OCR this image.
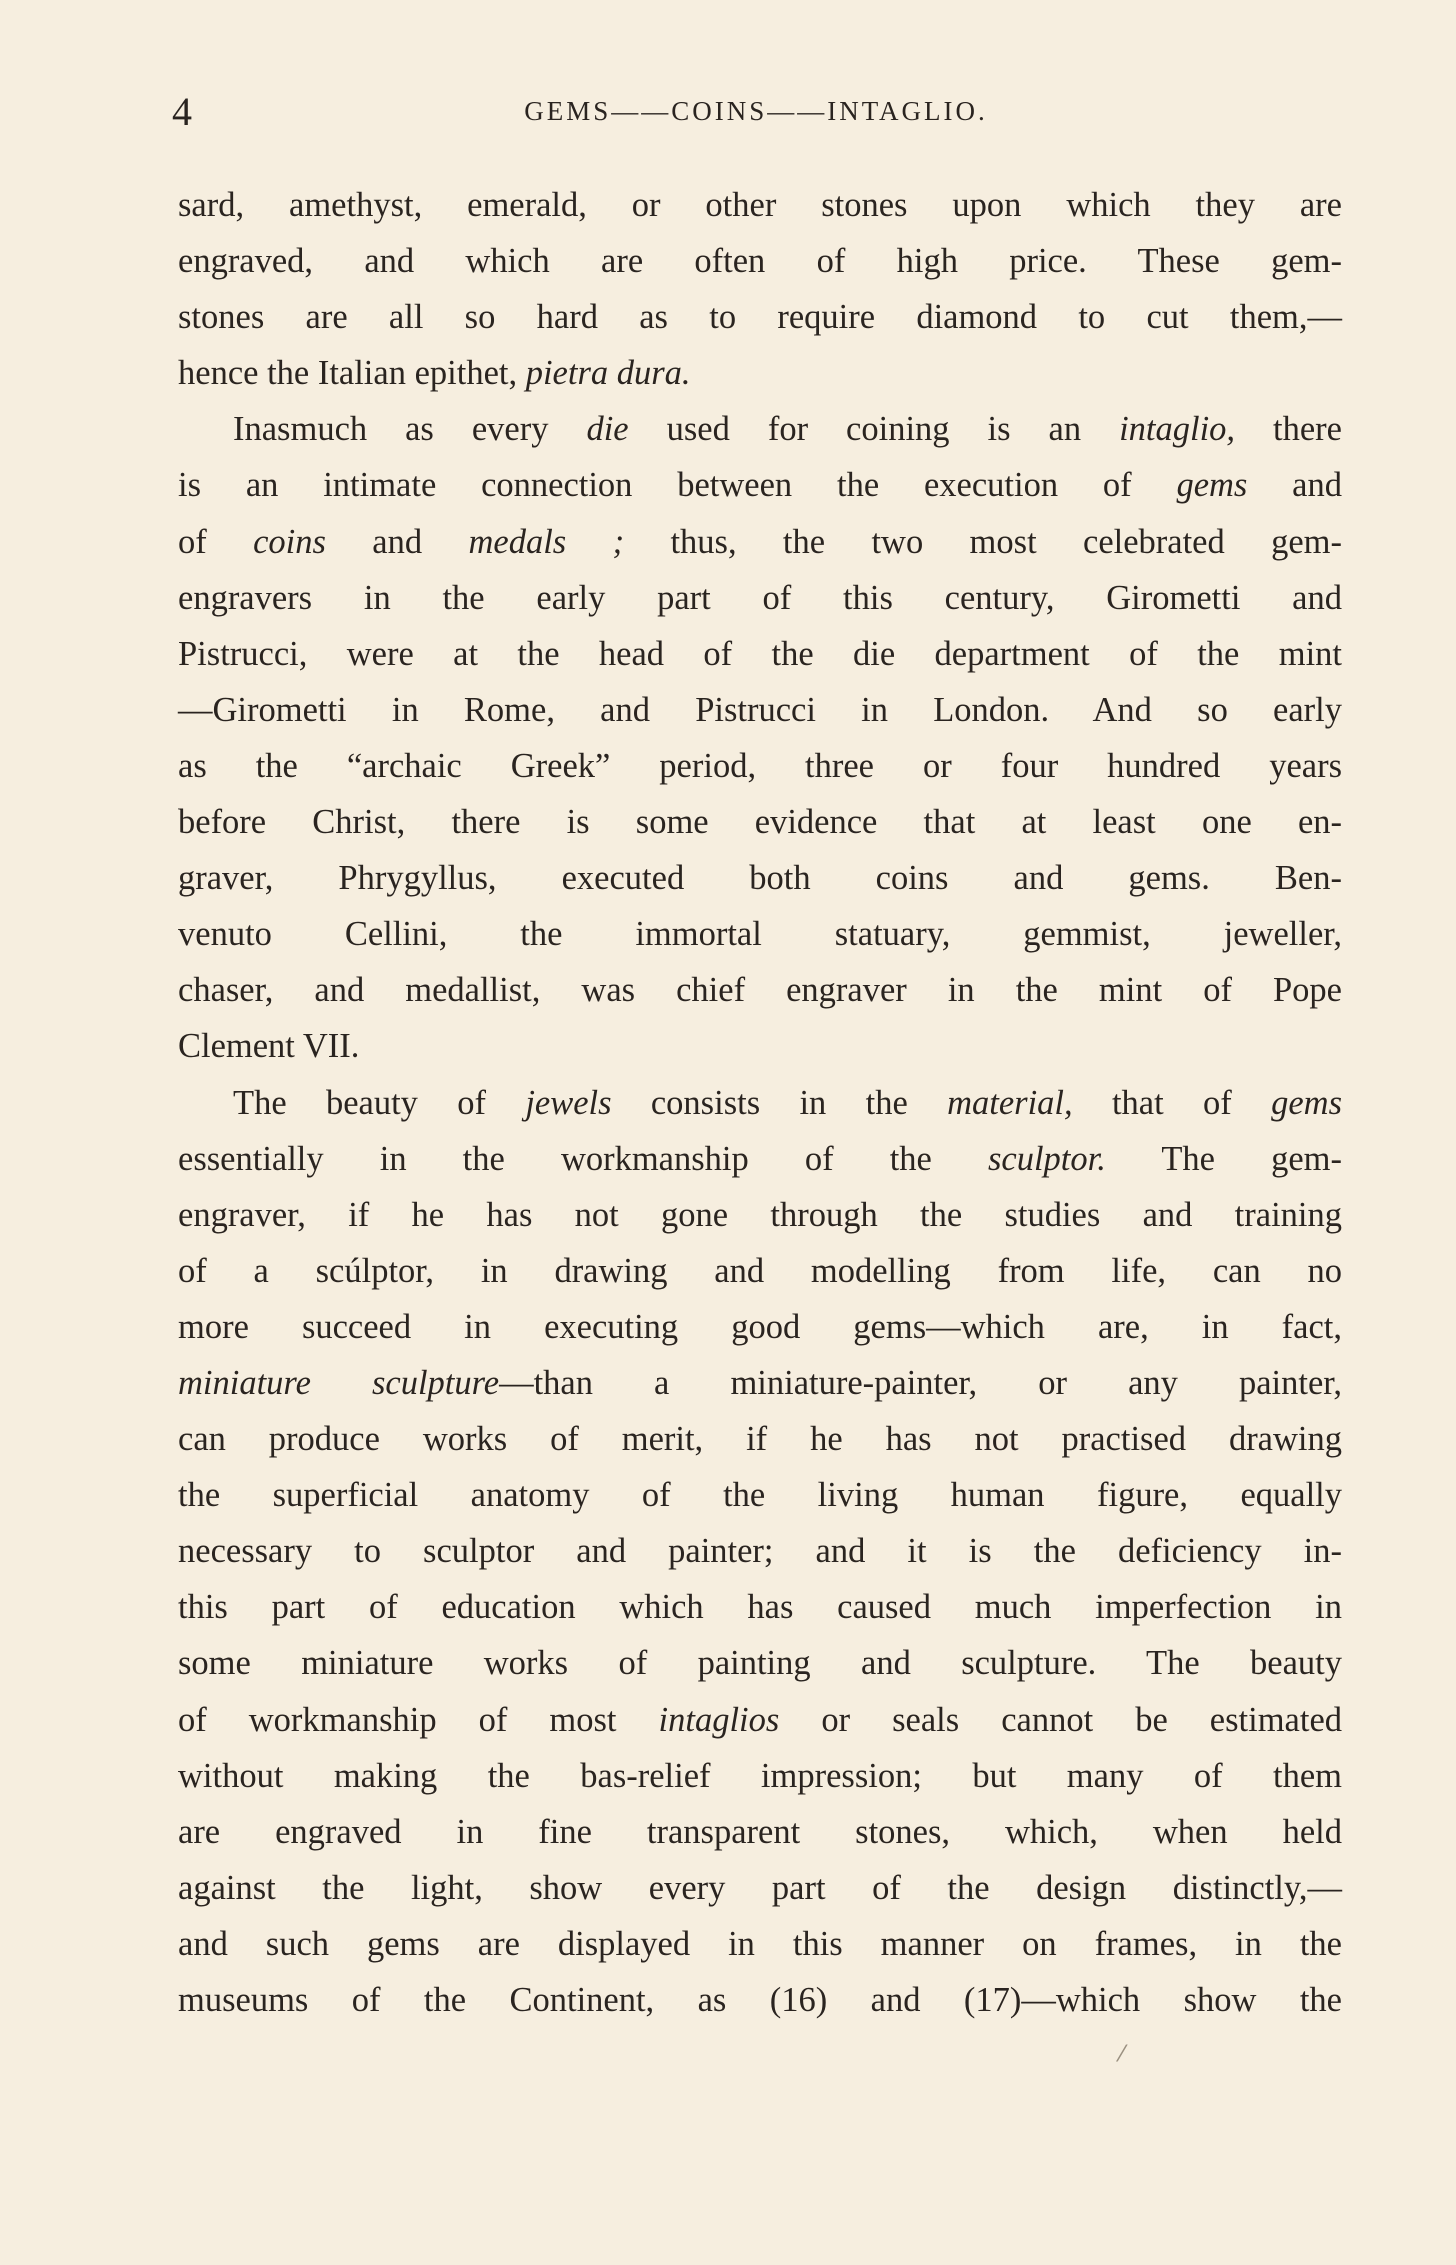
4	GEMS——COINS——INTAGLIO.
sard, amethyst, emerald, or other stones upon which they are
engraved, and which are often of high price. These gem-
stones are all so hard as to require diamond to cut them,—
hence the Italian epithet, pietra dura.
Inasmuch as every die used for coining is an intaglio, there
is an intimate connection between the execution of gems and
of coins and medals ; thus, the two most celebrated gem-
engravers in the early part of this century, Girometti and
Pistrucci, were at the head of the die department of the mint
—Girometti in Rome, and Pistrucci in London. And so early
as the “archaic Greek” period, three or four hundred years
before Christ, there is some evidence that at least one en-
graver, Phrygyllus, executed both coins and gems. Ben-
venuto Cellini, the immortal statuary, gemmist, jeweller,
chaser, and medallist, was chief engraver in the mint of Pope
Clement VII.
The beauty of jewels consists in the material, that of gems
essentially in the workmanship of the sculptor. The gem-
engraver, if he has not gone through the studies and training
of a scúlptor, in drawing and modelling from life, can no
more succeed in executing good gems—which are, in fact,
miniature sculpture—than a miniature-painter, or any painter,
can produce works of merit, if he has not practised drawing
the superficial anatomy of the living human figure, equally
necessary to sculptor and painter; and it is the deficiency in-
this part of education which has caused much imperfection in
some miniature works of painting and sculpture. The beauty
of workmanship of most intaglios or seals cannot be estimated
without making the bas-relief impression; but many of them
are engraved in fine transparent stones, which, when held
against the light, show every part of the design distinctly,—
and such gems are displayed in this manner on frames, in the
museums of the Continent, as (16) and (17)—which show the
⁄
